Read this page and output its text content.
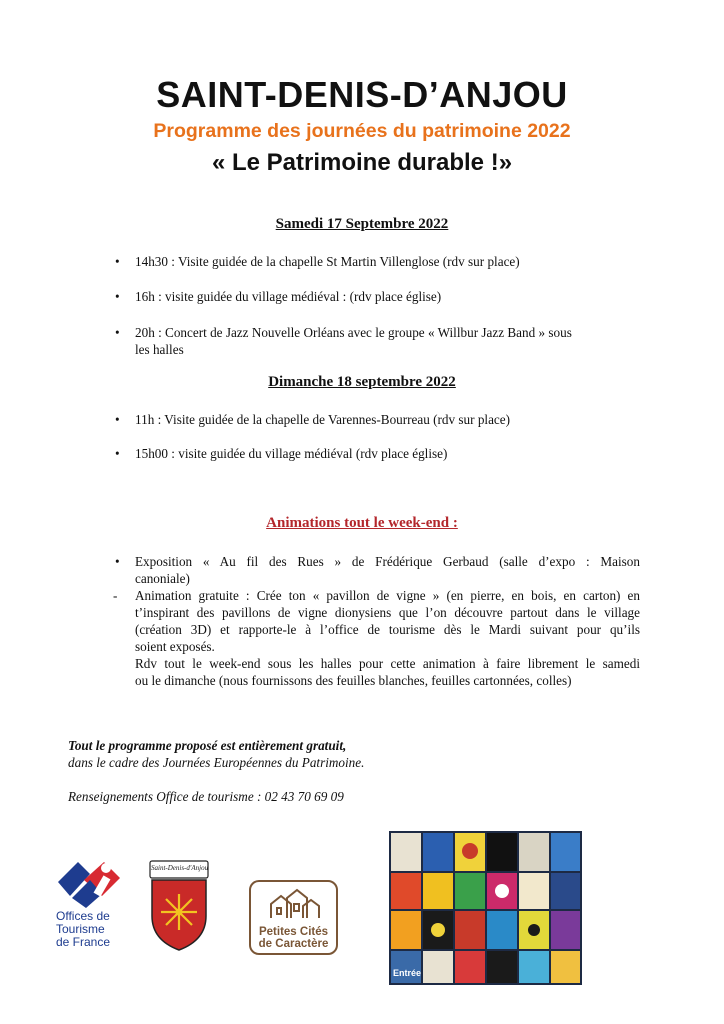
SAINT-DENIS-D’ANJOU
Programme des journées du patrimoine 2022
« Le Patrimoine durable !»
Samedi 17 Septembre 2022
• 14h30 : Visite guidée de la chapelle St Martin Villenglose (rdv sur place)
• 16h : visite guidée du village médiéval : (rdv place église)
• 20h : Concert de Jazz Nouvelle Orléans avec le groupe « Willbur Jazz Band » sous
les halles
Dimanche 18 septembre 2022
• 11h : Visite guidée de la chapelle de Varennes-Bourreau (rdv sur place)
• 15h00 : visite guidée du village médiéval (rdv place église)
Animations tout le week-end :
• Exposition « Au fil des Rues » de Frédérique Gerbaud (salle d’expo : Maison
canoniale)
- Animation gratuite : Crée ton « pavillon de vigne » (en pierre, en bois, en carton) en
t’inspirant des pavillons de vigne dionysiens que l’on découvre partout dans le village
(création 3D) et rapporte-le à l’office de tourisme dès le Mardi suivant pour qu’ils
soient exposés.
Rdv tout le week-end sous les halles pour cette animation à faire librement le samedi
ou le dimanche (nous fournissons des feuilles blanches, feuilles cartonnées, colles)
Tout le programme proposé est entièrement gratuit,
dans le cadre des Journées Européennes du Patrimoine.
Renseignements Office de tourisme : 02 43 70 69 09
Offices de
Tourisme
de France
Saint-Denis-d'Anjou
Petites Cités
de Caractère
Entrée
